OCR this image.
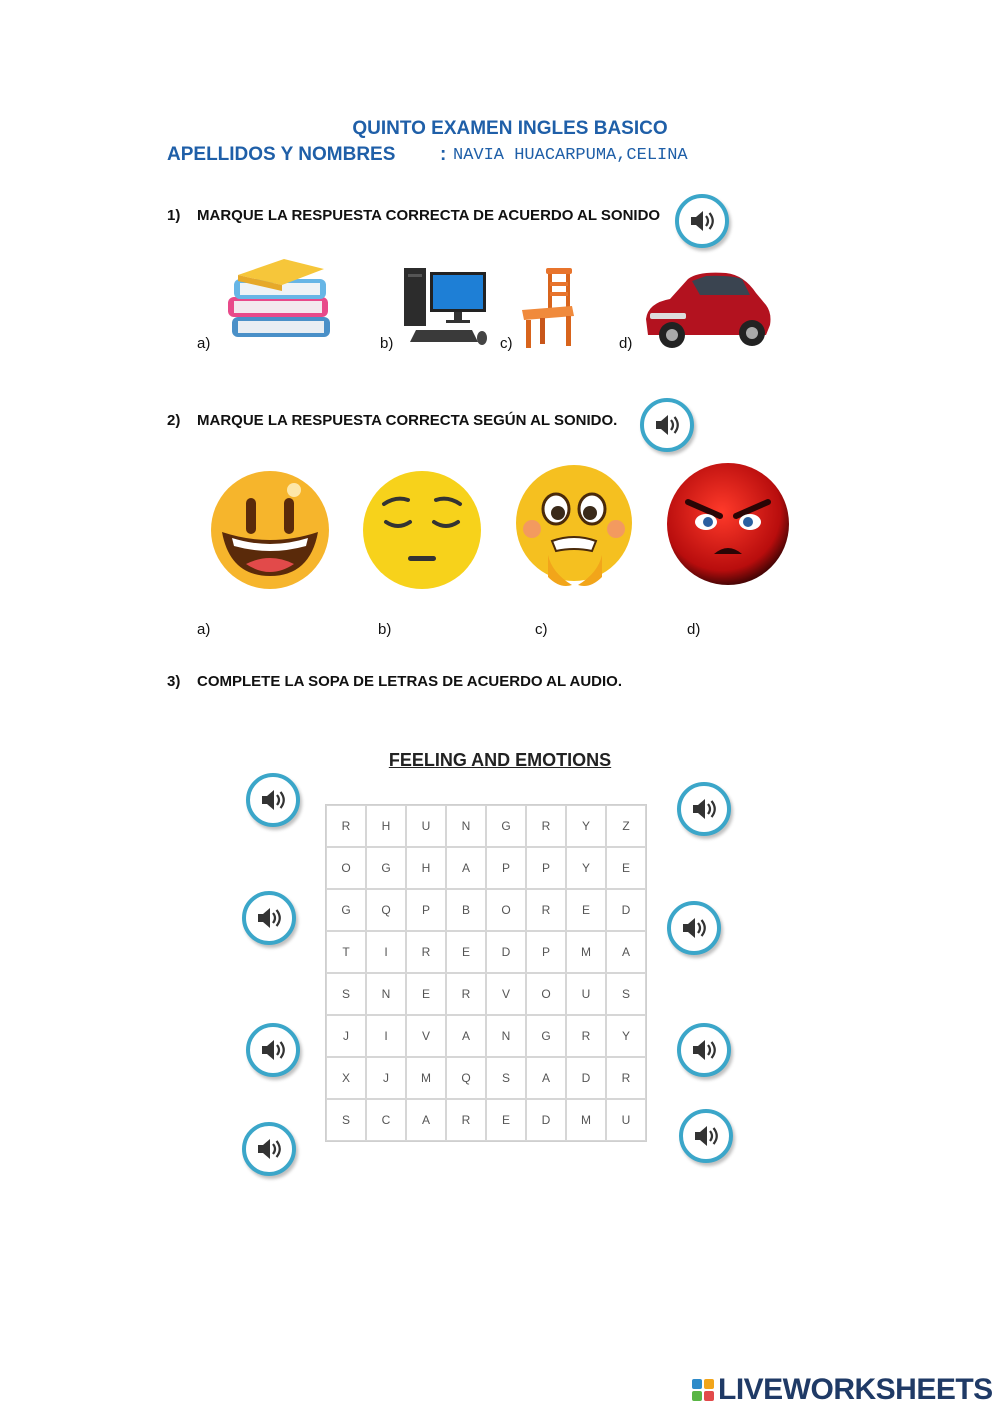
QUINTO EXAMEN INGLES BASICO
APELLIDOS Y NOMBRES : NAVIA HUACARPUMA,CELINA
1) MARQUE LA RESPUESTA CORRECTA DE ACUERDO AL SONIDO
a)	b)	c)	d)
2) MARQUE LA RESPUESTA CORRECTA SEGÚN AL SONIDO.
a)	b)	c)	d)
3) COMPLETE LA SOPA DE LETRAS DE ACUERDO AL AUDIO.
FEELING AND EMOTIONS
R	H	U	N	G	R	Y	Z
O	G	H	A	P	P	Y	E
G	Q	P	B	O	R	E	D
T	I	R	E	D	P	M	A
S	N	E	R	V	O	U	S
J	I	V	A	N	G	R	Y
X	J	M	Q	S	A	D	R
S	C	A	R	E	D	M	U
LIVEWORKSHEETS
